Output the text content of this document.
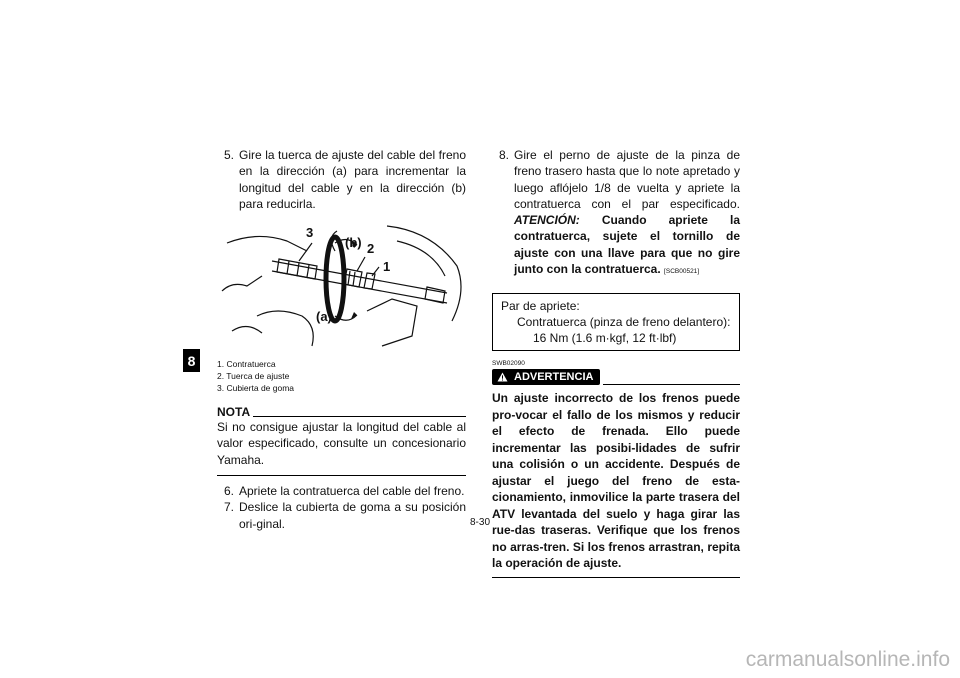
8
5. Gire la tuerca de ajuste del cable del freno en la dirección (a) para incrementar la longitud del cable y en la dirección (b) para reducirla.
3
(b) 2
1
(a)
1. Contratuerca
2. Tuerca de ajuste
3. Cubierta de goma
NOTA
Si no consigue ajustar la longitud del cable al valor especificado, consulte un concesionario Yamaha.
6. Apriete la contratuerca del cable del freno.
7. Deslice la cubierta de goma a su posición ori-ginal.
8. Gire el perno de ajuste de la pinza de freno trasero hasta que lo note apretado y luego aflójelo 1/8 de vuelta y apriete la contratuerca con el par especificado. ATENCIÓN: Cuando apriete la contratuerca, sujete el tornillo de ajuste con una llave para que no gire junto con la contratuerca. [SCB00521]
Par de apriete:
Contratuerca (pinza de freno delantero):
16 Nm (1.6 m·kgf, 12 ft·lbf)
SWB02090
ADVERTENCIA
Un ajuste incorrecto de los frenos puede pro-vocar el fallo de los mismos y reducir el efecto de frenada. Ello puede incrementar las posibi-lidades de sufrir una colisión o un accidente. Después de ajustar el juego del freno de esta-cionamiento, inmovilice la parte trasera del ATV levantada del suelo y haga girar las rue-das traseras. Verifique que los frenos no arras-tren. Si los frenos arrastran, repita la operación de ajuste.
8-30
carmanualsonline.info
